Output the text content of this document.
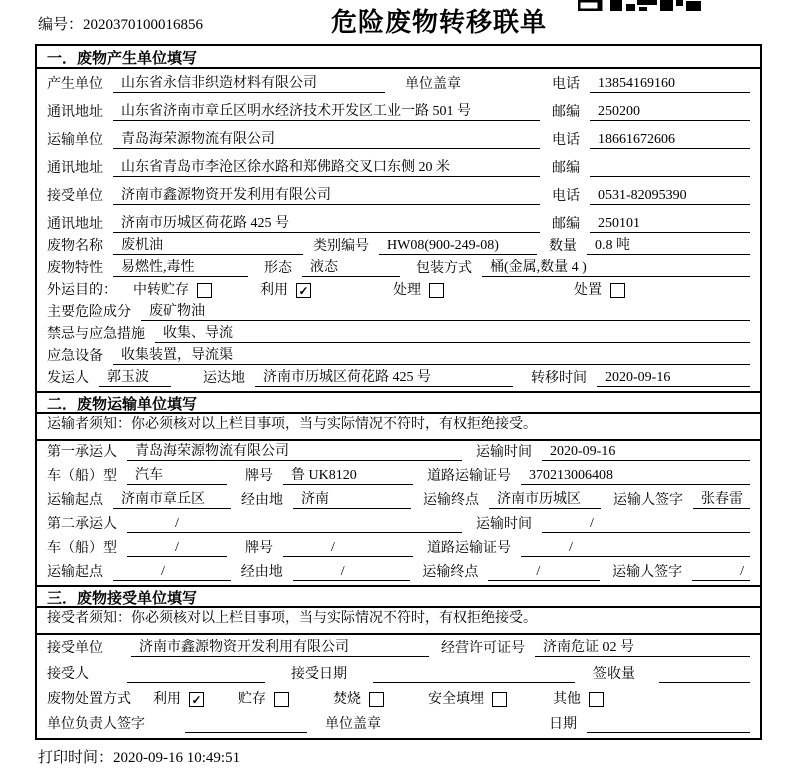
编号：2020370100016856	危险废物转移联单
一．废物产生单位填写
产生单位	山东省永信非织造材料有限公司	单位盖章	电话	13854169160
通讯地址	山东省济南市章丘区明水经济技术开发区工业一路 501 号	邮编	250200
运输单位	青岛海荣源物流有限公司	电话	18661672606
通讯地址	山东省青岛市李沧区徐水路和郑佛路交叉口东侧 20 米	邮编
接受单位	济南市鑫源物资开发利用有限公司	电话	0531-82095390
通讯地址	济南市历城区荷花路 425 号	邮编	250101
废物名称	废机油	类别编号	HW08(900-249-08)	数量	0.8 吨
废物特性	易燃性,毒性	形态	液态	包装方式	桶(金属,数量 4 )
外运目的：	中转贮存	利用 ✓	处理	处置
主要危险成分	废矿物油
禁忌与应急措施	收集、导流
应急设备	收集装置，导流渠
发运人	郭玉波	运达地	济南市历城区荷花路 425 号	转移时间	2020-09-16
二．废物运输单位填写
运输者须知：你必须核对以上栏目事项，当与实际情况不符时，有权拒绝接受。
第一承运人	青岛海荣源物流有限公司	运输时间	2020-09-16
车（船）型	汽车	牌号	鲁 UK8120	道路运输证号	370213006408
运输起点	济南市章丘区	经由地	济南	运输终点	济南市历城区	运输人签字	张春雷
第二承运人	/	运输时间	/
车（船）型	/	牌号	/	道路运输证号	/
运输起点	/	经由地	/	运输终点	/	运输人签字	/
三．废物接受单位填写
接受者须知：你必须核对以上栏目事项，当与实际情况不符时，有权拒绝接受。
接受单位	济南市鑫源物资开发利用有限公司	经营许可证号	济南危证 02 号
接受人	接受日期	签收量
废物处置方式	利用 ✓	贮存	焚烧	安全填埋	其他
单位负责人签字	单位盖章	日期
打印时间：2020-09-16 10:49:51
